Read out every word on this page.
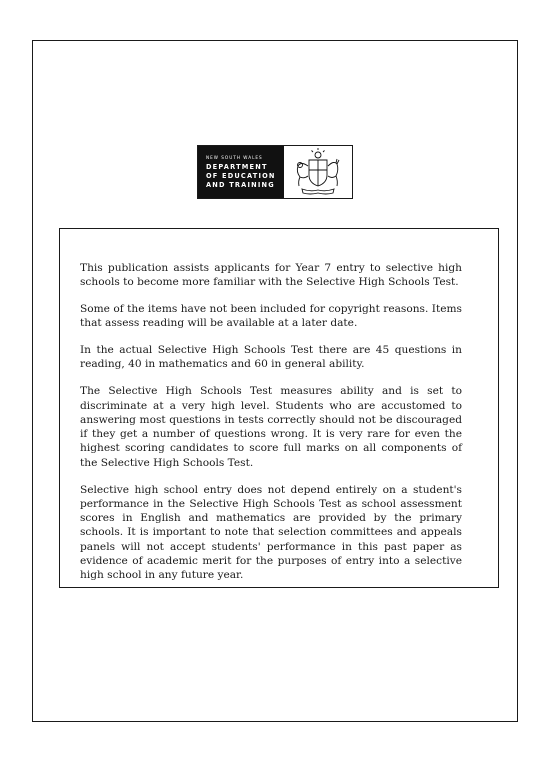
NEW SOUTH WALES
DEPARTMENT
OF EDUCATION
AND TRAINING

This publication assists applicants for Year 7 entry to selective high schools to become more familiar with the Selective High Schools Test.

Some of the items have not been included for copyright reasons. Items that assess reading will be available at a later date.

In the actual Selective High Schools Test there are 45 questions in reading, 40 in mathematics and 60 in general ability.

The Selective High Schools Test measures ability and is set to discriminate at a very high level. Students who are accustomed to answering most questions in tests correctly should not be discouraged if they get a number of questions wrong. It is very rare for even the highest scoring candidates to score full marks on all components of the Selective High Schools Test.

Selective high school entry does not depend entirely on a student's performance in the Selective High Schools Test as school assessment scores in English and mathematics are provided by the primary schools. It is important to note that selection committees and appeals panels will not accept students' performance in this past paper as evidence of academic merit for the purposes of entry into a selective high school in any future year.
